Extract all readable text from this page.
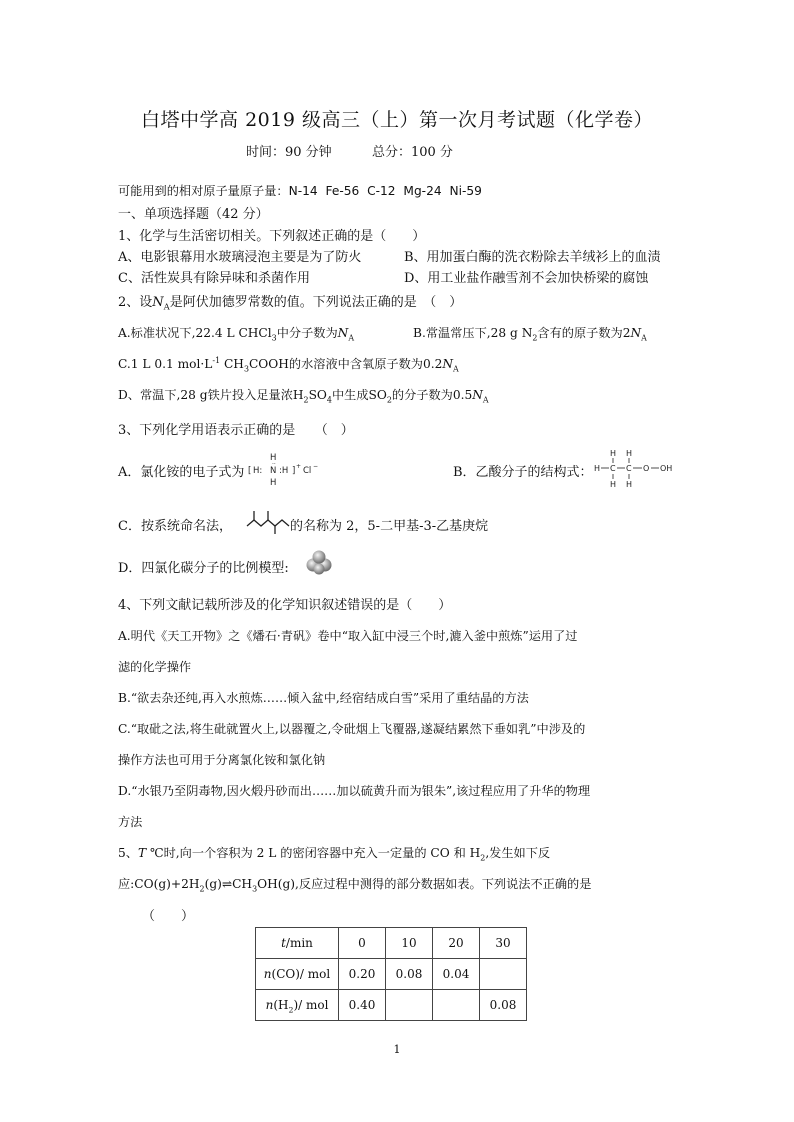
白塔中学高 2019 级高三（上）第一次月考试题（化学卷）
时间：90 分钟	总分：100 分
可能用到的相对原子量原子量：N-14 Fe-56 C-12 Mg-24 Ni-59
一、单项选择题（42 分）
1、化学与生活密切相关。下列叙述正确的是（　　）
A、电影银幕用水玻璃浸泡主要是为了防火	B、用加蛋白酶的洗衣粉除去羊绒衫上的血渍
C、活性炭具有除异味和杀菌作用	D、用工业盐作融雪剂不会加快桥梁的腐蚀
2、设$N_A$是阿伏加德罗常数的值。下列说法正确的是　（　）
A.标准状况下,22.4 L CHCl$_3$中分子数为$N_A$	B.常温常压下,28 g $N_2$含有的原子数为$2N_A$
C.1 L 0.1 $mol\cdot L^{-1}$ $CH_3COOH$的水溶液中含氧原子数为$0.2N_A$
D、常温下,28 g铁片投入足量浓$H_2SO_4$中生成$SO_2$的分子数为$0.5N_A$
3、下列化学用语表示正确的是　　（　）
A．氯化铵的电子式为 [ H:
H
··
N
H
:H ] + Cl −	B．乙酸分子的结构式：
H H
H C C O OH
H H
C．按系统命名法，	的名称为 2，5-二甲基-3-乙基庚烷
D．四氯化碳分子的比例模型:
4、下列文献记载所涉及的化学知识叙述错误的是（　　）
A.明代《天工开物》之《燔石·青矾》卷中“取入缸中浸三个时,漉入釜中煎炼”运用了过
滤的化学操作
B.“欲去杂还纯,再入水煎炼……倾入盆中,经宿结成白雪”采用了重结晶的方法
C.“取砒之法,将生砒就置火上,以器覆之,令砒烟上飞覆器,遂凝结累然下垂如乳”中涉及的
操作方法也可用于分离氯化铵和氯化钠
D.“水银乃至阴毒物,因火煅丹砂而出……加以硫黄升而为银朱”,该过程应用了升华的物理
方法
5、T ℃时,向一个容积为 2 L 的密闭容器中充入一定量的 CO 和 $H_2$,发生如下反
应$:CO(g)+2H_2(g)\rightleftharpoons CH_3OH(g)$,反应过程中测得的部分数据如表。下列说法不正确的是
（　　）
t/min	0	10	20	30
n(CO)/ mol	0.20	0.08	0.04	
$n(H_2)/$ mol	0.40			0.08
1
